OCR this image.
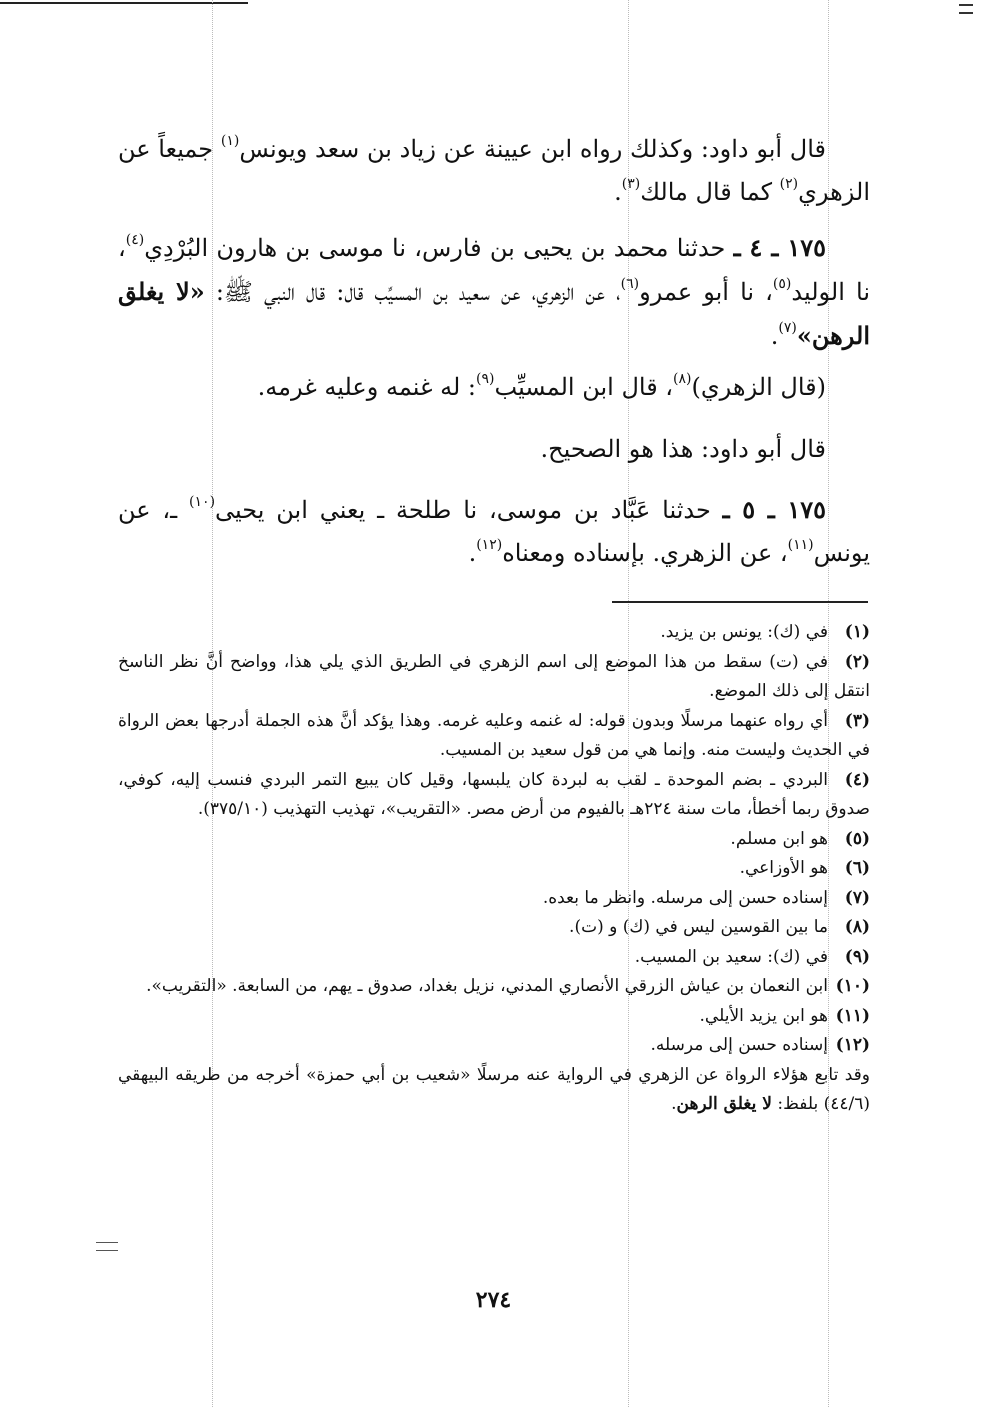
قال أبو داود: وكذلك رواه ابن عيينة عن زياد بن سعد ويونس$^{(١)}$ جميعاً عن الزهري$^{(٢)}$ كما قال مالك$^{(٣)}$.
١٧٥ ـ ٤ ـ حدثنا محمد بن يحيى بن فارس، نا موسى بن هارون البُرْدِي$^{(٤)}$، نا الوليد$^{(٥)}$، نا أبو عمرو$^{(٦)}$، عن الزهري، عن سعيد بن المسيِّب قال: قال النبي ﷺ: «لا يغلق الرهن»$^{(٧)}$.
(قال الزهري)$^{(٨)}$، قال ابن المسيِّب$^{(٩)}$: له غنمه وعليه غرمه.
قال أبو داود: هذا هو الصحيح.
١٧٥ ـ ٥ ـ حدثنا عَبَّاد بن موسى، نا طلحة ـ يعني ابن يحيى$^{(١٠)}$ ـ، عن يونس$^{(١١)}$، عن الزهري. بإسناده ومعناه$^{(١٢)}$.
(١)في (ك): يونس بن يزيد.
(٢)في (ت) سقط من هذا الموضع إلى اسم الزهري في الطريق الذي يلي هذا، وواضح أنَّ نظر الناسخ انتقل إلى ذلك الموضع.
(٣)أي رواه عنهما مرسلًا وبدون قوله: له غنمه وعليه غرمه. وهذا يؤكد أنَّ هذه الجملة أدرجها بعض الرواة في الحديث وليست منه. وإنما هي من قول سعيد بن المسيب.
(٤)البردي ـ بضم الموحدة ـ لقب به لبردة كان يلبسها، وقيل كان يبيع التمر البردي فنسب إليه، كوفي، صدوق ربما أخطأ، مات سنة ٢٢٤هـ بالفيوم من أرض مصر. «التقريب»، تهذيب التهذيب (٣٧٥/١٠).
(٥)هو ابن مسلم.
(٦)هو الأوزاعي.
(٧)إسناده حسن إلى مرسله. وانظر ما بعده.
(٨)ما بين القوسين ليس في (ك) و (ت).
(٩)في (ك): سعيد بن المسيب.
(١٠)ابن النعمان بن عياش الزرقي الأنصاري المدني، نزيل بغداد، صدوق ـ يهم، من السابعة. «التقريب».
(١١)هو ابن يزيد الأيلي.
(١٢)إسناده حسن إلى مرسله.
وقد تابع هؤلاء الرواة عن الزهري في الرواية عنه مرسلًا «شعيب بن أبي حمزة» أخرجه من طريقه البيهقي (٤٤/٦) بلفظ: لا يغلق الرهن.
٢٧٤
